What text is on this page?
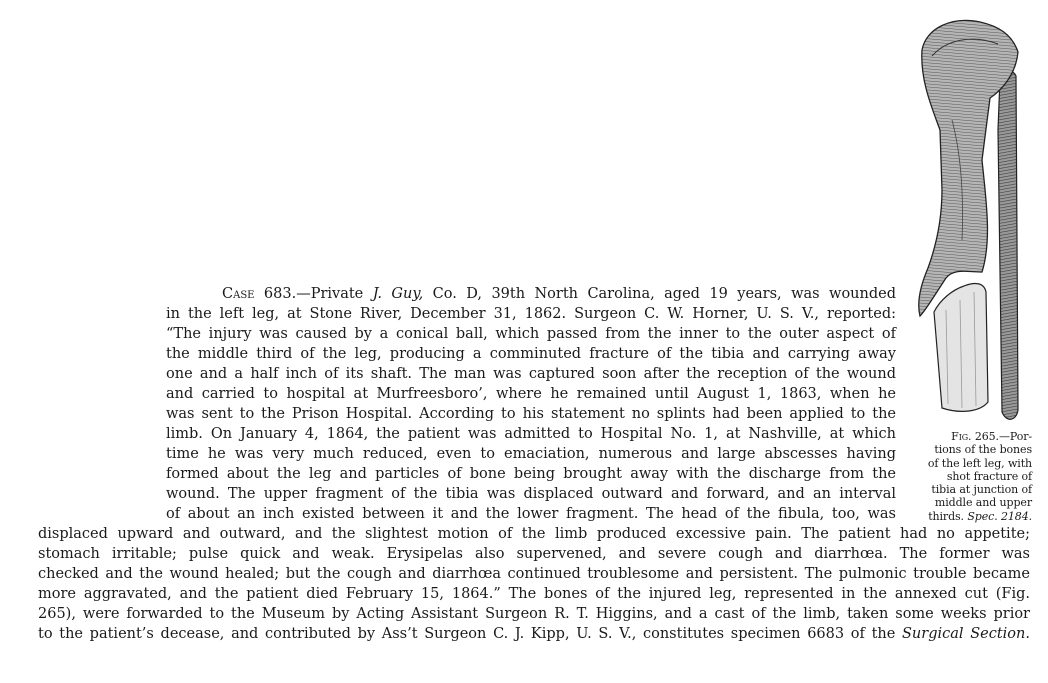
Fig. 265.—Por-
tions of the bones
of the left leg, with
shot fracture of
tibia at junction of
middle and upper
thirds. Spec. 2184.
Case 683.—Private J. Guy, Co. D, 39th North Carolina, aged 19 years, was wounded
in the left leg, at Stone River, December 31, 1862. Surgeon C. W. Horner, U. S. V., reported:
“The injury was caused by a conical ball, which passed from the inner to the outer aspect of
the middle third of the leg, producing a comminuted fracture of the tibia and carrying away
one and a half inch of its shaft. The man was captured soon after the reception of the wound
and carried to hospital at Murfreesboro’, where he remained until August 1, 1863, when he
was sent to the Prison Hospital. According to his statement no splints had been applied to the
limb. On January 4, 1864, the patient was admitted to Hospital No. 1, at Nashville, at which
time he was very much reduced, even to emaciation, numerous and large abscesses having
formed about the leg and particles of bone being brought away with the discharge from the
wound. The upper fragment of the tibia was displaced outward and forward, and an interval
of about an inch existed between it and the lower fragment. The head of the fibula, too, was
displaced upward and outward, and the slightest motion of the limb produced excessive pain. The patient had no appetite;
stomach irritable; pulse quick and weak. Erysipelas also supervened, and severe cough and diarrhœa. The former was
checked and the wound healed; but the cough and diarrhœa continued troublesome and persistent. The pulmonic trouble became
more aggravated, and the patient died February 15, 1864.” The bones of the injured leg, represented in the annexed cut (Fig.
265), were forwarded to the Museum by Acting Assistant Surgeon R. T. Higgins, and a cast of the limb, taken some weeks prior
to the patient’s decease, and contributed by Ass’t Surgeon C. J. Kipp, U. S. V., constitutes specimen 6683 of the Surgical Section.
